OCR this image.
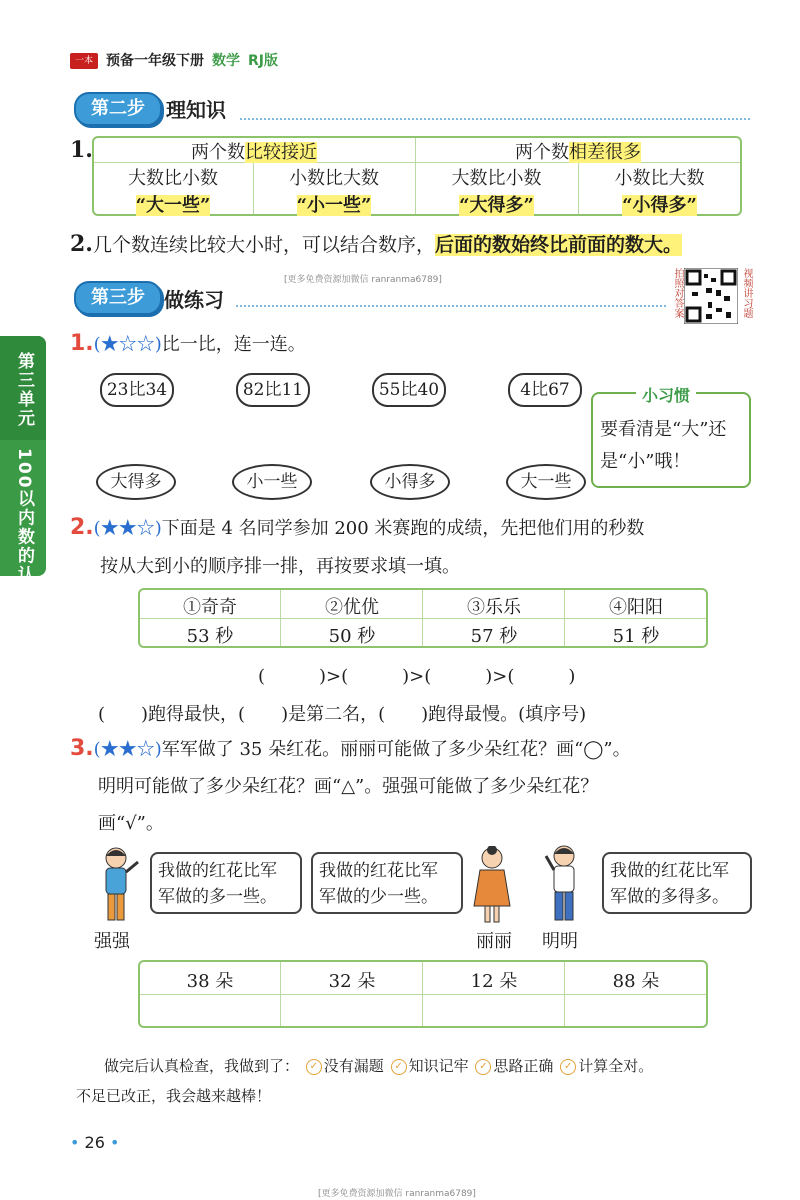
一本 预备一年级下册 数学 RJ版
第二步	理知识
1.	两个数比较接近	两个数相差很多
大数比小数	小数比大数	大数比小数	小数比大数
“大一些”	“小一些”	“大得多”	“小得多”
2.几个数连续比较大小时，可以结合数序，后面的数始终比前面的数大。
第三步 做练习
[更多免费资源加微信 ranranma6789]	拍照对答案	视频讲习题
第三单元
100以内数的认识
1.(★☆☆)比一比，连一连。
23比34	82比11	55比40	4比67
大得多	小一些	小得多	大一些
小习惯
要看清是“大”还
是“小”哦！
2.(★★☆)下面是 4 名同学参加 200 米赛跑的成绩，先把他们用的秒数
按从大到小的顺序排一排，再按要求填一填。
①奇奇	②优优	③乐乐	④阳阳
53 秒	50 秒	57 秒	51 秒
(　　　)>(　　　)>(　　　)>(　　　)
(　　)跑得最快，(　　)是第二名，(　　)跑得最慢。(填序号)
3.(★★☆)军军做了 35 朵红花。丽丽可能做了多少朵红花？画“◯”。
明明可能做了多少朵红花？画“△”。强强可能做了多少朵红花？
画“√”。
强强
我做的红花比军
军做的多一些。
我做的红花比军
军做的少一些。
丽丽 明明
我做的红花比军
军做的多得多。
38 朵	32 朵	12 朵	88 朵
做完后认真检查，我做到了： ✓ 没有漏题 ✓ 知识记牢 ✓ 思路正确 ✓ 计算全对。
不足已改正，我会越来越棒！
• 26 •
[更多免费资源加微信 ranranma6789]
